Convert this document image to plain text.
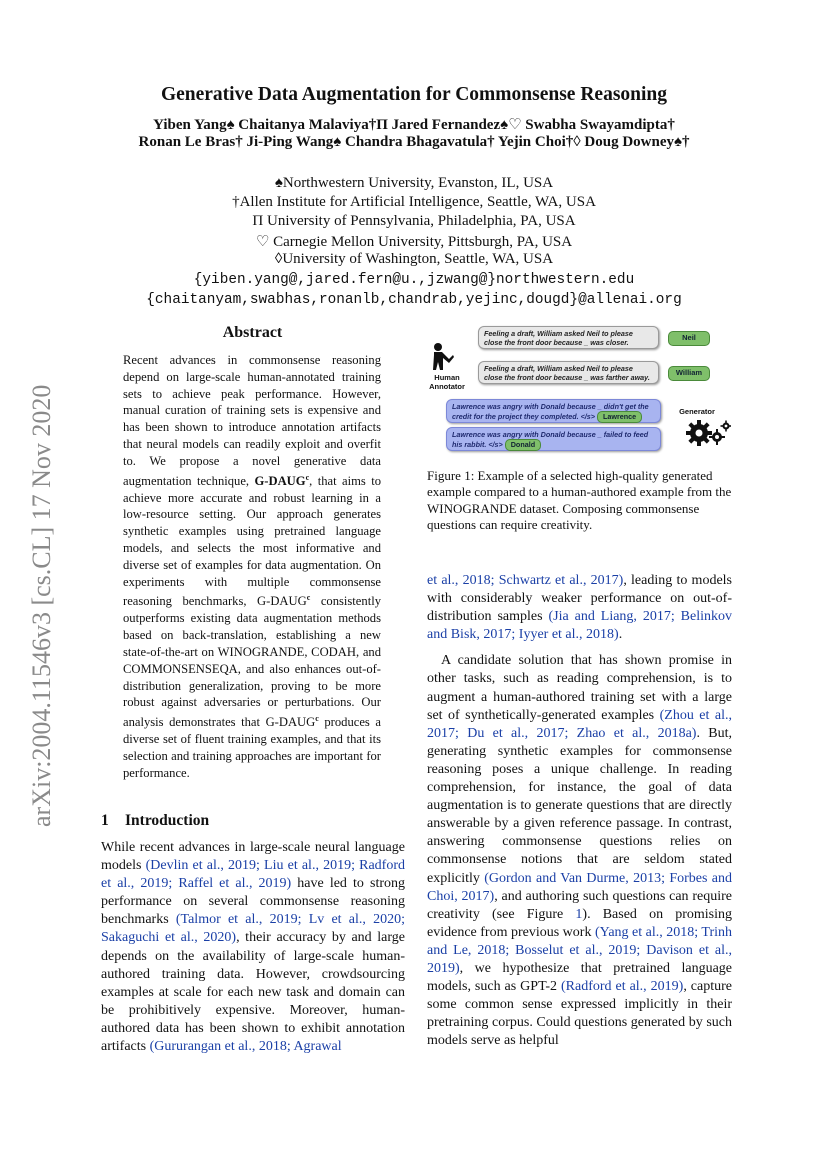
arXiv:2004.11546v3 [cs.CL] 17 Nov 2020
Generative Data Augmentation for Commonsense Reasoning
Yiben Yang♠ Chaitanya Malaviya†Π Jared Fernandez♠♡ Swabha Swayamdipta†
Ronan Le Bras† Ji-Ping Wang♠ Chandra Bhagavatula† Yejin Choi†◊ Doug Downey♠†
♠Northwestern University, Evanston, IL, USA
†Allen Institute for Artificial Intelligence, Seattle, WA, USA
Π University of Pennsylvania, Philadelphia, PA, USA
♡ Carnegie Mellon University, Pittsburgh, PA, USA
◊University of Washington, Seattle, WA, USA
{yiben.yang@,jared.fern@u.,jzwang@}northwestern.edu
{chaitanyam,swabhas,ronanlb,chandrab,yejinc,dougd}@allenai.org
Abstract
Recent advances in commonsense reasoning depend on large-scale human-annotated training sets to achieve peak performance. However, manual curation of training sets is expensive and has been shown to introduce annotation artifacts that neural models can readily exploit and overfit to. We propose a novel generative data augmentation technique, G-DAUG$^c$, that aims to achieve more accurate and robust learning in a low-resource setting. Our approach generates synthetic examples using pretrained language models, and selects the most informative and diverse set of examples for data augmentation. On experiments with multiple commonsense reasoning benchmarks, G-DAUG$^c$ consistently outperforms existing data augmentation methods based on back-translation, establishing a new state-of-the-art on WINOGRANDE, CODAH, and COMMONSENSEQA, and also enhances out-of-distribution generalization, proving to be more robust against adversaries or perturbations. Our analysis demonstrates that G-DAUG$^c$ produces a diverse set of fluent training examples, and that its selection and training approaches are important for performance.
1 Introduction

While recent advances in large-scale neural language models (Devlin et al., 2019; Liu et al., 2019; Radford et al., 2019; Raffel et al., 2019) have led to strong performance on several commonsense reasoning benchmarks (Talmor et al., 2019; Lv et al., 2020; Sakaguchi et al., 2020), their accuracy by and large depends on the availability of large-scale human-authored training data. However, crowdsourcing examples at scale for each new task and domain can be prohibitively expensive. Moreover, human-authored data has been shown to exhibit annotation artifacts (Gururangan et al., 2018; Agrawal

Human Annotator
Feeling a draft, William asked Neil to please close the front door because _ was closer.
Neil
Feeling a draft, William asked Neil to please close the front door because _ was farther away.
William
Lawrence was angry with Donald because _ didn't get the credit for the project they completed. </s> Lawrence
Lawrence was angry with Donald because _ failed to feed his rabbit. </s> Donald
Generator
Figure 1: Example of a selected high-quality generated example compared to a human-authored example from the WINOGRANDE dataset. Composing commonsense questions can require creativity.

et al., 2018; Schwartz et al., 2017), leading to models with considerably weaker performance on out-of-distribution samples (Jia and Liang, 2017; Belinkov and Bisk, 2017; Iyyer et al., 2018).

A candidate solution that has shown promise in other tasks, such as reading comprehension, is to augment a human-authored training set with a large set of synthetically-generated examples (Zhou et al., 2017; Du et al., 2017; Zhao et al., 2018a). But, generating synthetic examples for commonsense reasoning poses a unique challenge. In reading comprehension, for instance, the goal of data augmentation is to generate questions that are directly answerable by a given reference passage. In contrast, answering commonsense questions relies on commonsense notions that are seldom stated explicitly (Gordon and Van Durme, 2013; Forbes and Choi, 2017), and authoring such questions can require creativity (see Figure 1). Based on promising evidence from previous work (Yang et al., 2018; Trinh and Le, 2018; Bosselut et al., 2019; Davison et al., 2019), we hypothesize that pretrained language models, such as GPT-2 (Radford et al., 2019), capture some common sense expressed implicitly in their pretraining corpus. Could questions generated by such models serve as helpful
